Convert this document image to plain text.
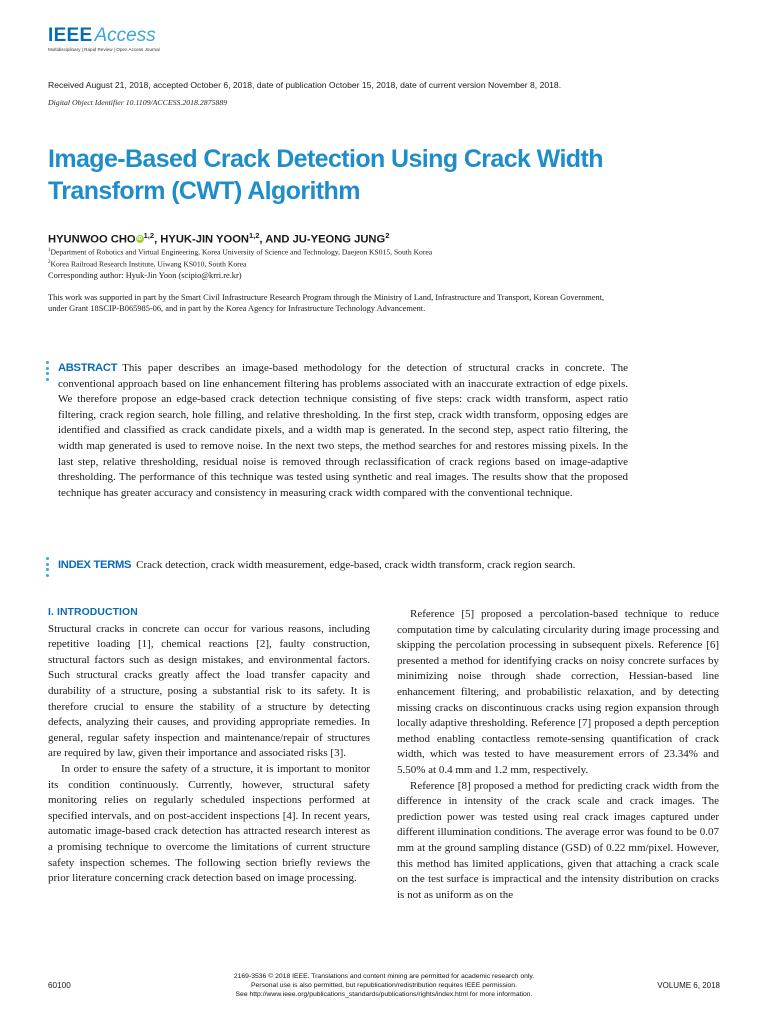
IEEE Access
Multidisciplinary | Rapid Review | Open Access Journal
Received August 21, 2018, accepted October 6, 2018, date of publication October 15, 2018, date of current version November 8, 2018.
Digital Object Identifier 10.1109/ACCESS.2018.2875889
Image-Based Crack Detection Using Crack Width Transform (CWT) Algorithm
HYUNWOO CHO iD $^{1,2}$, HYUK-JIN YOON$^{1,2}$, AND JU-YEONG JUNG$^2$
$^1$Department of Robotics and Virtual Engineering, Korea University of Science and Technology, Daejeon KS015, South Korea
$^2$Korea Railroad Research Institute, Uiwang KS010, South Korea
Corresponding author: Hyuk-Jin Yoon (scipio@krri.re.kr)
This work was supported in part by the Smart Civil Infrastructure Research Program through the Ministry of Land, Infrastructure and Transport, Korean Government, under Grant 18SCIP-B065985-06, and in part by the Korea Agency for Infrastructure Technology Advancement.
ABSTRACT This paper describes an image-based methodology for the detection of structural cracks in concrete. The conventional approach based on line enhancement filtering has problems associated with an inaccurate extraction of edge pixels. We therefore propose an edge-based crack detection technique consisting of five steps: crack width transform, aspect ratio filtering, crack region search, hole filling, and relative thresholding. In the first step, crack width transform, opposing edges are identified and classified as crack candidate pixels, and a width map is generated. In the second step, aspect ratio filtering, the width map generated is used to remove noise. In the next two steps, the method searches for and restores missing pixels. In the last step, relative thresholding, residual noise is removed through reclassification of crack regions based on image-adaptive thresholding. The performance of this technique was tested using synthetic and real images. The results show that the proposed technique has greater accuracy and consistency in measuring crack width compared with the conventional technique.
INDEX TERMS Crack detection, crack width measurement, edge-based, crack width transform, crack region search.
I. INTRODUCTION

Structural cracks in concrete can occur for various reasons, including repetitive loading [1], chemical reactions [2], faulty construction, structural factors such as design mistakes, and environmental factors. Such structural cracks greatly affect the load transfer capacity and durability of a structure, posing a substantial risk to its safety. It is therefore crucial to ensure the stability of a structure by detecting defects, analyzing their causes, and providing appropriate remedies. In general, regular safety inspection and maintenance/repair of structures are required by law, given their importance and associated risks [3].

In order to ensure the safety of a structure, it is important to monitor its condition continuously. Currently, however, structural safety monitoring relies on regularly scheduled inspections performed at specified intervals, and on post-accident inspections [4]. In recent years, automatic image-based crack detection has attracted research interest as a promising technique to overcome the limitations of current structure safety inspection schemes. The following section briefly reviews the prior literature concerning crack detection based on image processing.

Reference [5] proposed a percolation-based technique to reduce computation time by calculating circularity during image processing and skipping the percolation processing in subsequent pixels. Reference [6] presented a method for identifying cracks on noisy concrete surfaces by minimizing noise through shade correction, Hessian-based line enhancement filtering, and probabilistic relaxation, and by detecting missing cracks on discontinuous cracks using region expansion through locally adaptive thresholding. Reference [7] proposed a depth perception method enabling contactless remote-sensing quantification of crack width, which was tested to have measurement errors of 23.34% and 5.50% at 0.4 mm and 1.2 mm, respectively.

Reference [8] proposed a method for predicting crack width from the difference in intensity of the crack scale and crack images. The prediction power was tested using real crack images captured under different illumination conditions. The average error was found to be 0.07 mm at the ground sampling distance (GSD) of 0.22 mm/pixel. However, this method has limited applications, given that attaching a crack scale on the test surface is impractical and the intensity distribution on cracks is not as uniform as on the

60100
2169-3536 © 2018 IEEE. Translations and content mining are permitted for academic research only.
Personal use is also permitted, but republication/redistribution requires IEEE permission.
See http://www.ieee.org/publications_standards/publications/rights/index.html for more information.
VOLUME 6, 2018
